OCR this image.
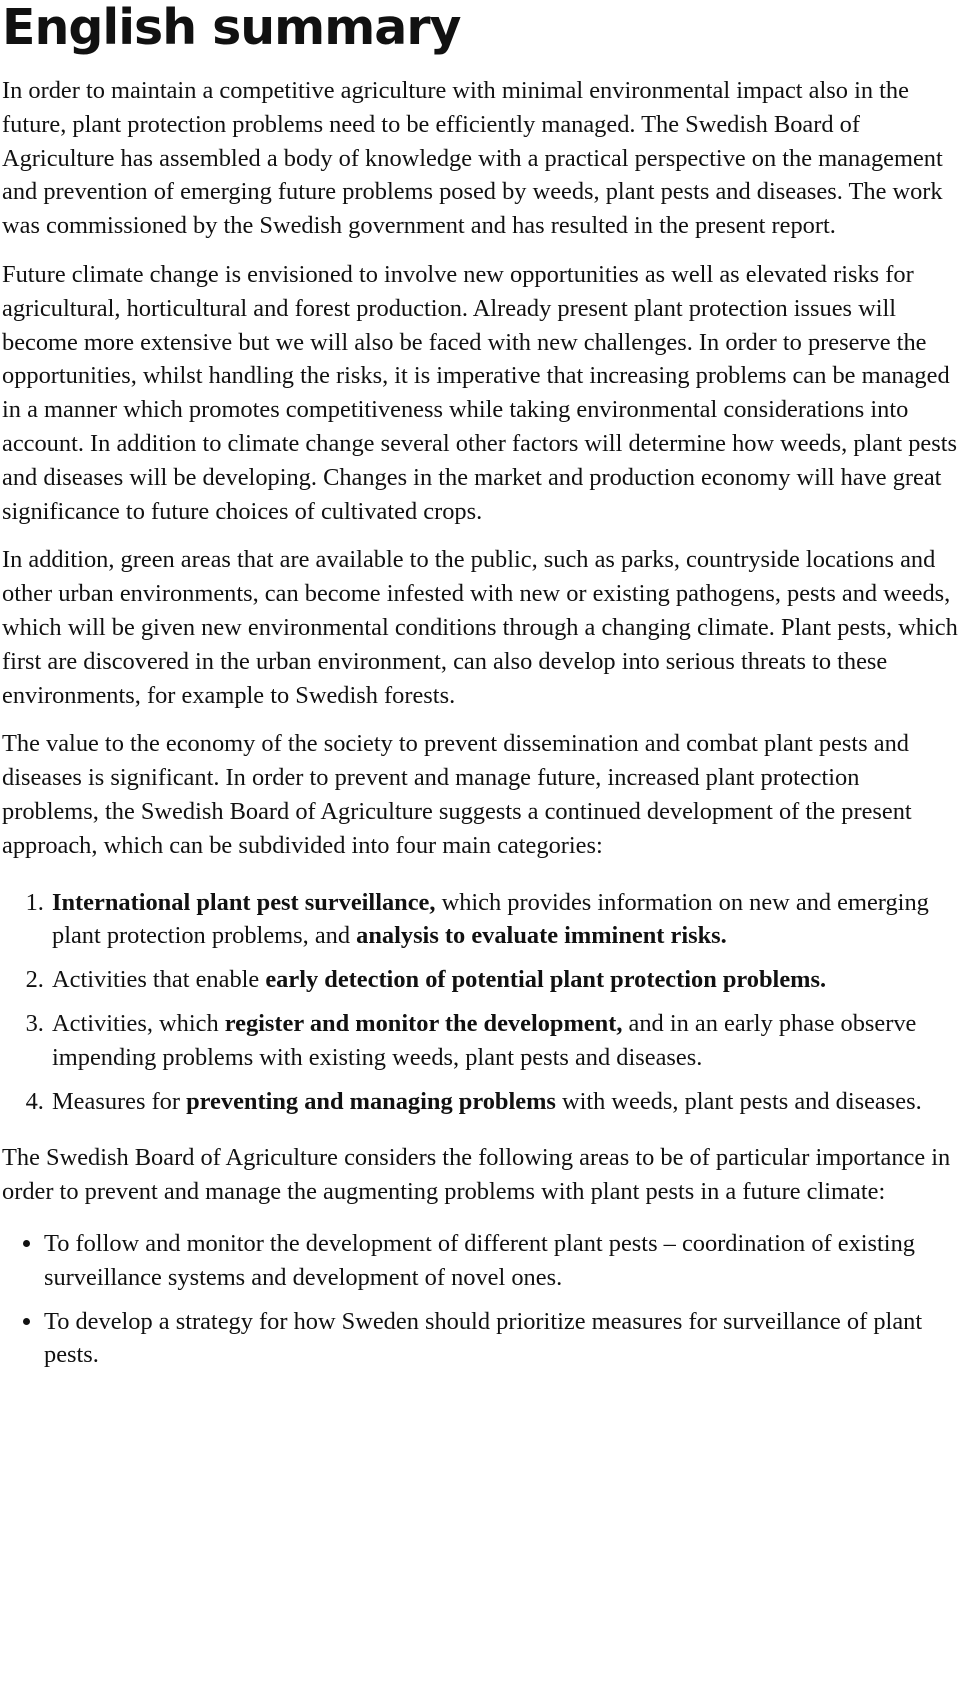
English summary

In order to maintain a competitive agriculture with minimal environmental impact also in the future, plant protection problems need to be efficiently managed. The Swedish Board of Agriculture has assembled a body of knowledge with a practical perspective on the management and prevention of emerging future problems posed by weeds, plant pests and diseases. The work was commissioned by the Swedish government and has resulted in the present report.

Future climate change is envisioned to involve new opportunities as well as elevated risks for agricultural, horticultural and forest production. Already present plant protection issues will become more extensive but we will also be faced with new challenges. In order to preserve the opportunities, whilst handling the risks, it is imperative that increasing problems can be managed in a manner which promotes competitiveness while taking environmental considerations into account. In addition to climate change several other factors will determine how weeds, plant pests and diseases will be developing. Changes in the market and production economy will have great significance to future choices of cultivated crops.

In addition, green areas that are available to the public, such as parks, countryside locations and other urban environments, can become infested with new or existing pathogens, pests and weeds, which will be given new environmental conditions through a changing climate. Plant pests, which first are discovered in the urban environment, can also develop into serious threats to these environments, for example to Swedish forests.

The value to the economy of the society to prevent dissemination and combat plant pests and diseases is significant. In order to prevent and manage future, increased plant protection problems, the Swedish Board of Agriculture suggests a continued development of the present approach, which can be subdivided into four main categories:

1. International plant pest surveillance, which provides information on new and emerging plant protection problems, and analysis to evaluate imminent risks.
2. Activities that enable early detection of potential plant protection problems.
3. Activities, which register and monitor the development, and in an early phase observe impending problems with existing weeds, plant pests and diseases.
4. Measures for preventing and managing problems with weeds, plant pests and diseases.

The Swedish Board of Agriculture considers the following areas to be of particular importance in order to prevent and manage the augmenting problems with plant pests in a future climate:

• To follow and monitor the development of different plant pests – coordination of existing surveillance systems and development of novel ones.
• To develop a strategy for how Sweden should prioritize measures for surveillance of plant pests.
